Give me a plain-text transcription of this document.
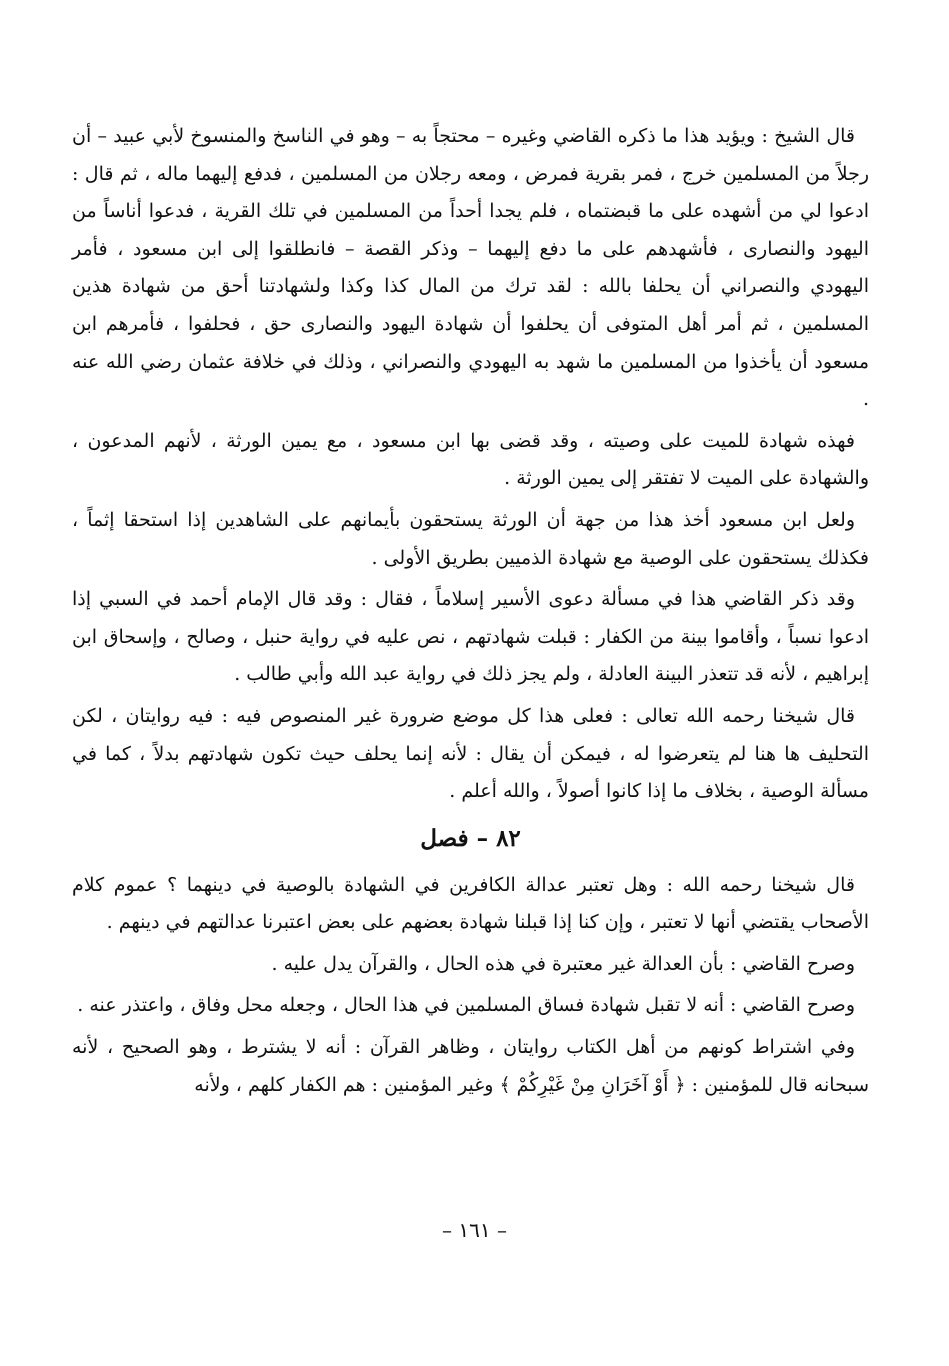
قال الشيخ : ويؤيد هذا ما ذكره القاضي وغيره – محتجاً به – وهو في الناسخ والمنسوخ لأبي عبيد – أن رجلاً من المسلمين خرج ، فمر بقرية فمرض ، ومعه رجلان من المسلمين ، فدفع إليهما ماله ، ثم قال : ادعوا لي من أشهده على ما قبضتماه ، فلم يجدا أحداً من المسلمين في تلك القرية ، فدعوا أناساً من اليهود والنصارى ، فأشهدهم على ما دفع إليهما – وذكر القصة – فانطلقوا إلى ابن مسعود ، فأمر اليهودي والنصراني أن يحلفا بالله : لقد ترك من المال كذا وكذا ولشهادتنا أحق من شهادة هذين المسلمين ، ثم أمر أهل المتوفى أن يحلفوا أن شهادة اليهود والنصارى حق ، فحلفوا ، فأمرهم ابن مسعود أن يأخذوا من المسلمين ما شهد به اليهودي والنصراني ، وذلك في خلافة عثمان رضي الله عنه .

فهذه شهادة للميت على وصيته ، وقد قضى بها ابن مسعود ، مع يمين الورثة ، لأنهم المدعون ، والشهادة على الميت لا تفتقر إلى يمين الورثة .

ولعل ابن مسعود أخذ هذا من جهة أن الورثة يستحقون بأيمانهم على الشاهدين إذا استحقا إثماً ، فكذلك يستحقون على الوصية مع شهادة الذميين بطريق الأولى .

وقد ذكر القاضي هذا في مسألة دعوى الأسير إسلاماً ، فقال : وقد قال الإمام أحمد في السبي إذا ادعوا نسباً ، وأقاموا بينة من الكفار : قبلت شهادتهم ، نص عليه في رواية حنبل ، وصالح ، وإسحاق ابن إبراهيم ، لأنه قد تتعذر البينة العادلة ، ولم يجز ذلك في رواية عبد الله وأبي طالب .

قال شيخنا رحمه الله تعالى : فعلى هذا كل موضع ضرورة غير المنصوص فيه : فيه روايتان ، لكن التحليف ها هنا لم يتعرضوا له ، فيمكن أن يقال : لأنه إنما يحلف حيث تكون شهادتهم بدلاً ، كما في مسألة الوصية ، بخلاف ما إذا كانوا أصولاً ، والله أعلم .

٨٢ – فصل

قال شيخنا رحمه الله : وهل تعتبر عدالة الكافرين في الشهادة بالوصية في دينهما ؟ عموم كلام الأصحاب يقتضي أنها لا تعتبر ، وإن كنا إذا قبلنا شهادة بعضهم على بعض اعتبرنا عدالتهم في دينهم .

وصرح القاضي : بأن العدالة غير معتبرة في هذه الحال ، والقرآن يدل عليه .

وصرح القاضي : أنه لا تقبل شهادة فساق المسلمين في هذا الحال ، وجعله محل وفاق ، واعتذر عنه .

وفي اشتراط كونهم من أهل الكتاب روايتان ، وظاهر القرآن : أنه لا يشترط ، وهو الصحيح ، لأنه سبحانه قال للمؤمنين : ﴿ أَوْ آخَرَانِ مِنْ غَيْرِكُمْ ﴾ وغير المؤمنين : هم الكفار كلهم ، ولأنه

– ١٦١ –
